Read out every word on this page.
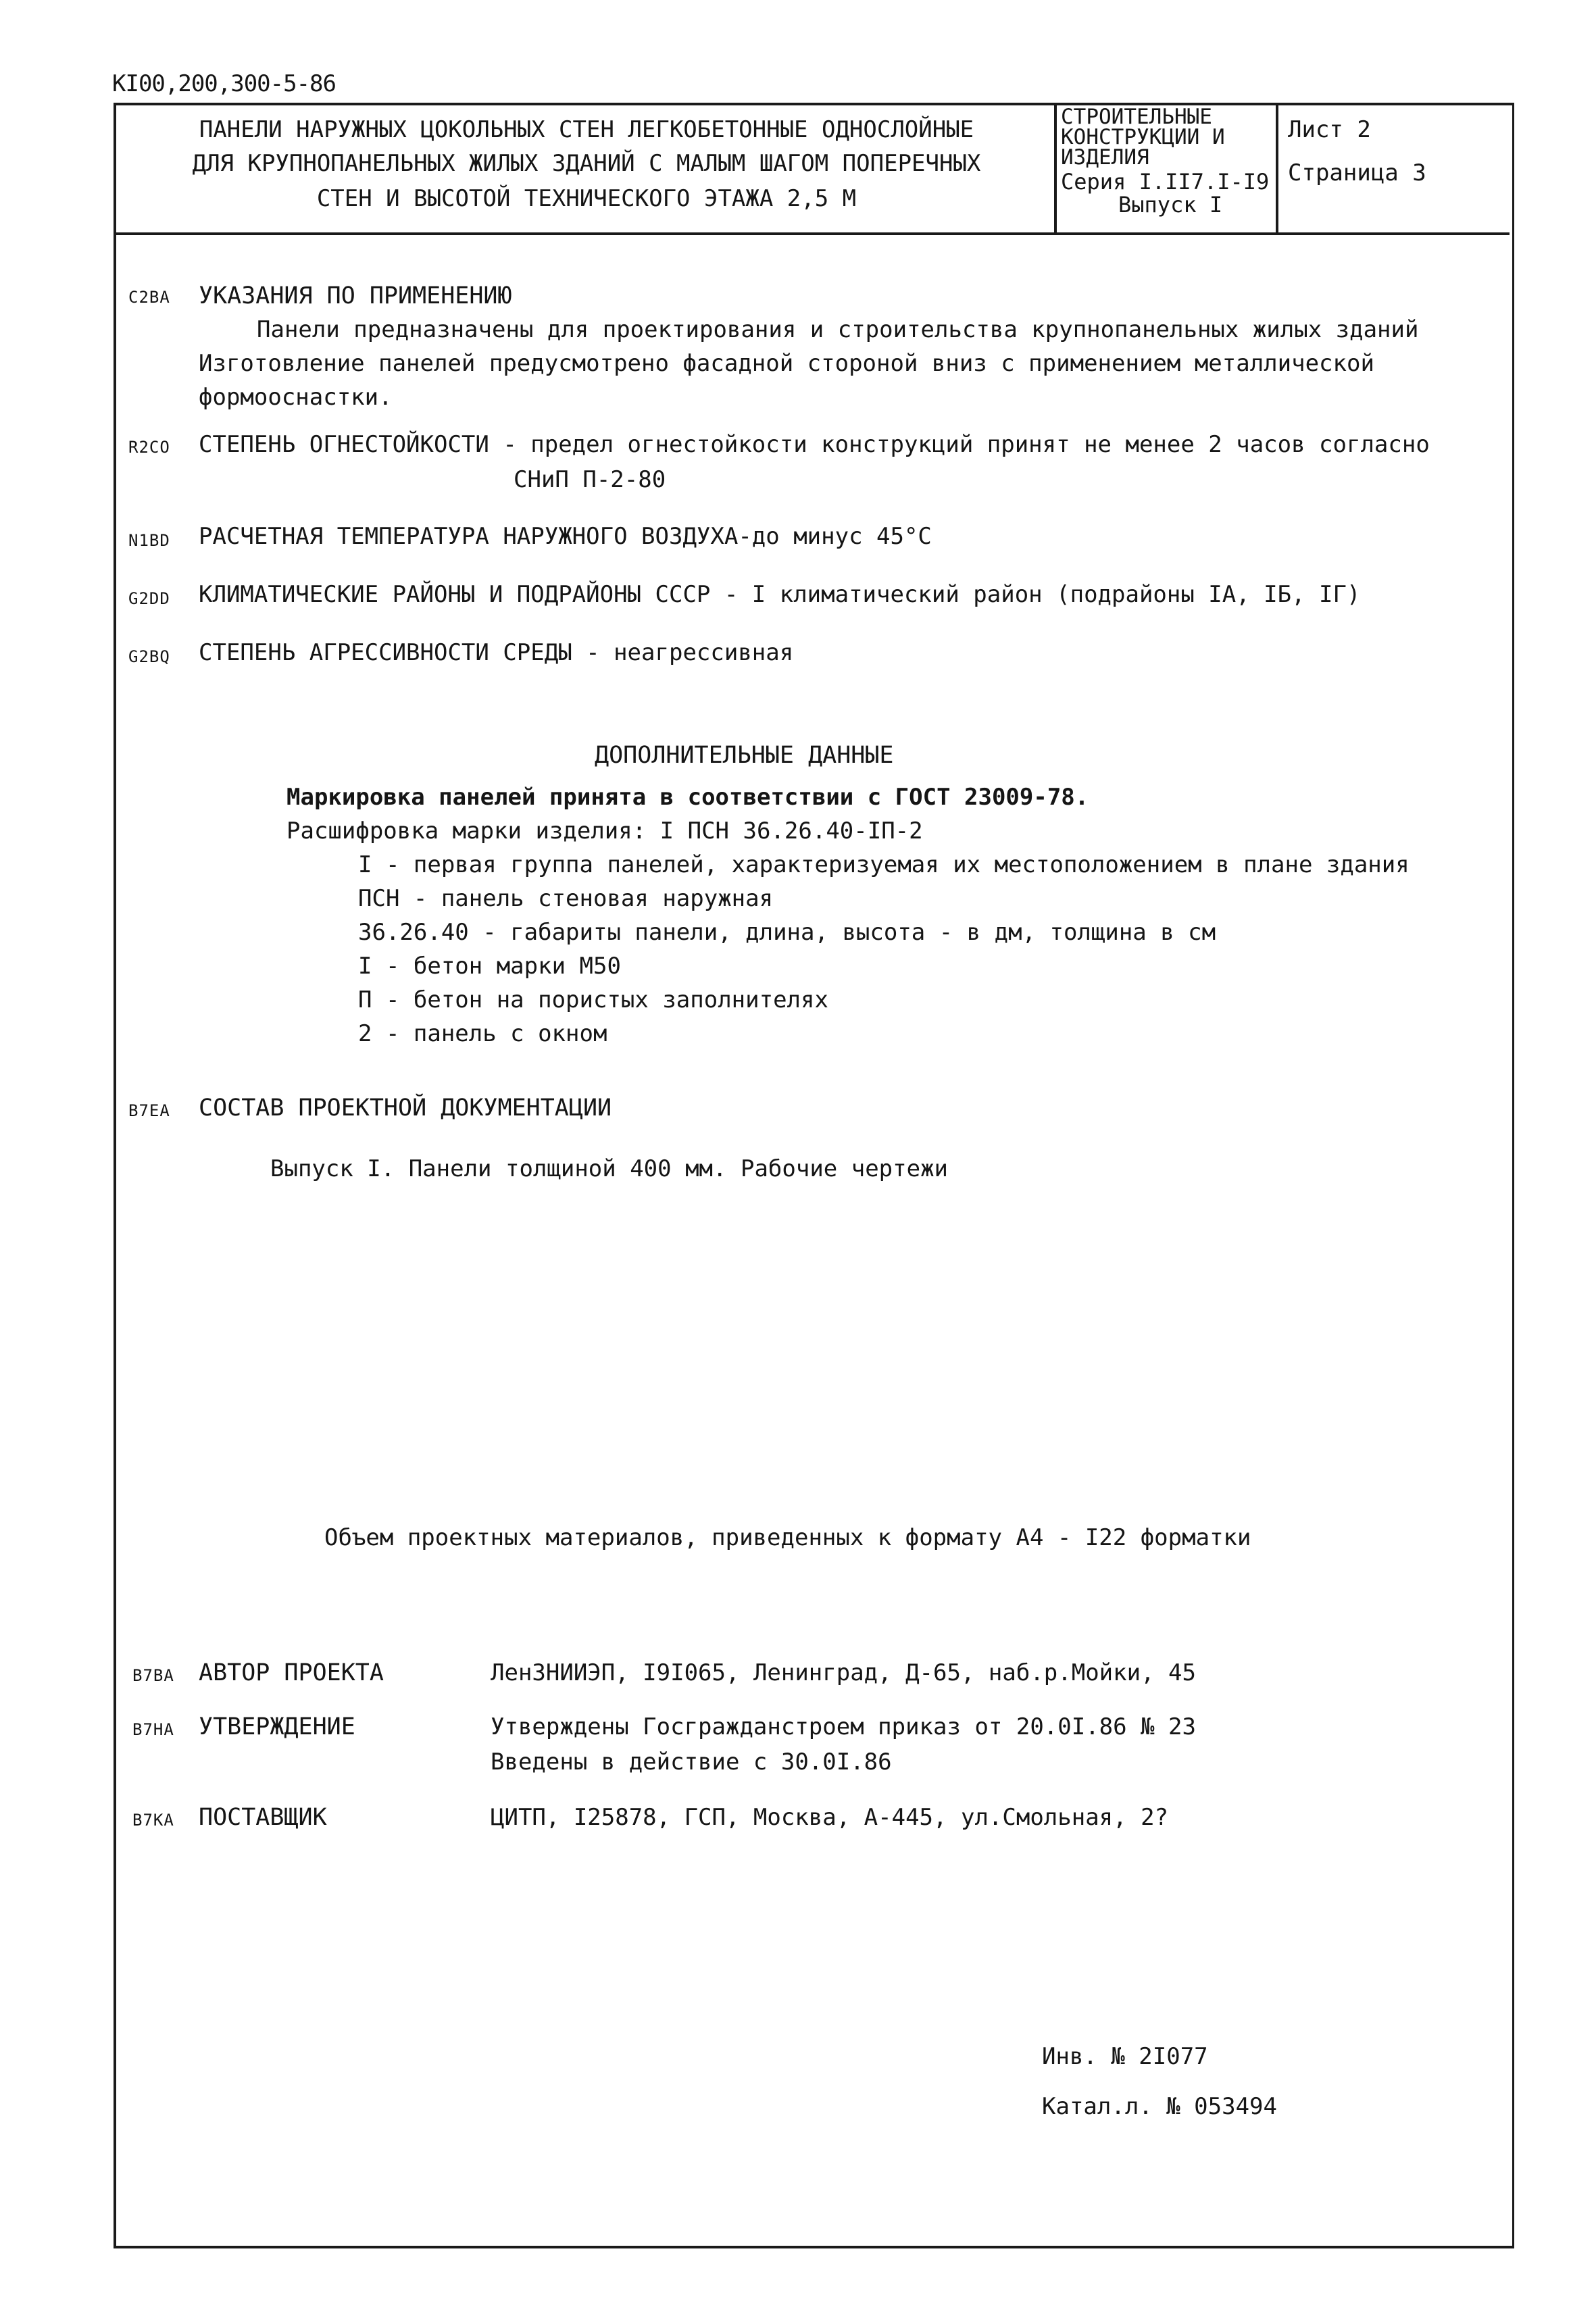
КI00,200,300-5-86
ПАНЕЛИ НАРУЖНЫХ ЦОКОЛЬНЫХ СТЕН ЛЕГКОБЕТОННЫЕ ОДНОСЛОЙНЫЕ
ДЛЯ КРУПНОПАНЕЛЬНЫХ ЖИЛЫХ ЗДАНИЙ С МАЛЫМ ШАГОМ ПОПЕРЕЧНЫХ
СТЕН И ВЫСОТОЙ ТЕХНИЧЕСКОГО ЭТАЖА 2,5 М
СТРОИТЕЛЬНЫЕ
КОНСТРУКЦИИ И
ИЗДЕЛИЯ
Серия I.II7.I-I9
Выпуск I
Лист 2
Страница 3
C2BA УКАЗАНИЯ ПО ПРИМЕНЕНИЮ
Панели предназначены для проектирования и строительства крупнопанельных жилых зданий
Изготовление панелей предусмотрено фасадной стороной вниз с применением металлической
формоoснастки.
R2CO СТЕПЕНЬ ОГНЕСТОЙКОСТИ - предел огнестойкости конструкций принят не менее 2 часов согласно
СНиП П-2-80
N1BD РАСЧЕТНАЯ ТЕМПЕРАТУРА НАРУЖНОГО ВОЗДУХА-до минус 45°С
G2DD КЛИМАТИЧЕСКИЕ РАЙОНЫ И ПОДРАЙОНЫ СССР - I климатический район (подрайоны IА, IБ, IГ)
G2BQ СТЕПЕНЬ АГРЕССИВНОСТИ СРЕДЫ - неагрессивная
ДОПОЛНИТЕЛЬНЫЕ ДАННЫЕ
Маркировка панелей принята в соответствии с ГОСТ 23009-78.
Расшифровка марки изделия: I ПСН 36.26.40-IП-2
I - первая группа панелей, характеризуемая их местоположением в плане здания
ПСН - панель стеновая наружная
36.26.40 - габариты панели, длина, высота - в дм, толщина в см
I - бетон марки М50
П - бетон на пористых заполнителях
2 - панель с окном
B7EA СОСТАВ ПРОЕКТНОЙ ДОКУМЕНТАЦИИ
Выпуск I. Панели толщиной 400 мм. Рабочие чертежи
Объем проектных материалов, приведенных к формату А4 - I22 форматки
B7BA АВТОР ПРОЕКТА	ЛенЗНИИЭП, I9I065, Ленинград, Д-65, наб.р.Мойки, 45
B7HA УТВЕРЖДЕНИЕ	Утверждены Госгражданстроем приказ от 20.0I.86 № 23
Введены в действие с 30.0I.86
B7KA ПОСТАВЩИК	ЦИТП, I25878, ГСП, Москва, А-445, ул.Смольная, 2?
Инв. № 2I077
Катал.л. № 053494
